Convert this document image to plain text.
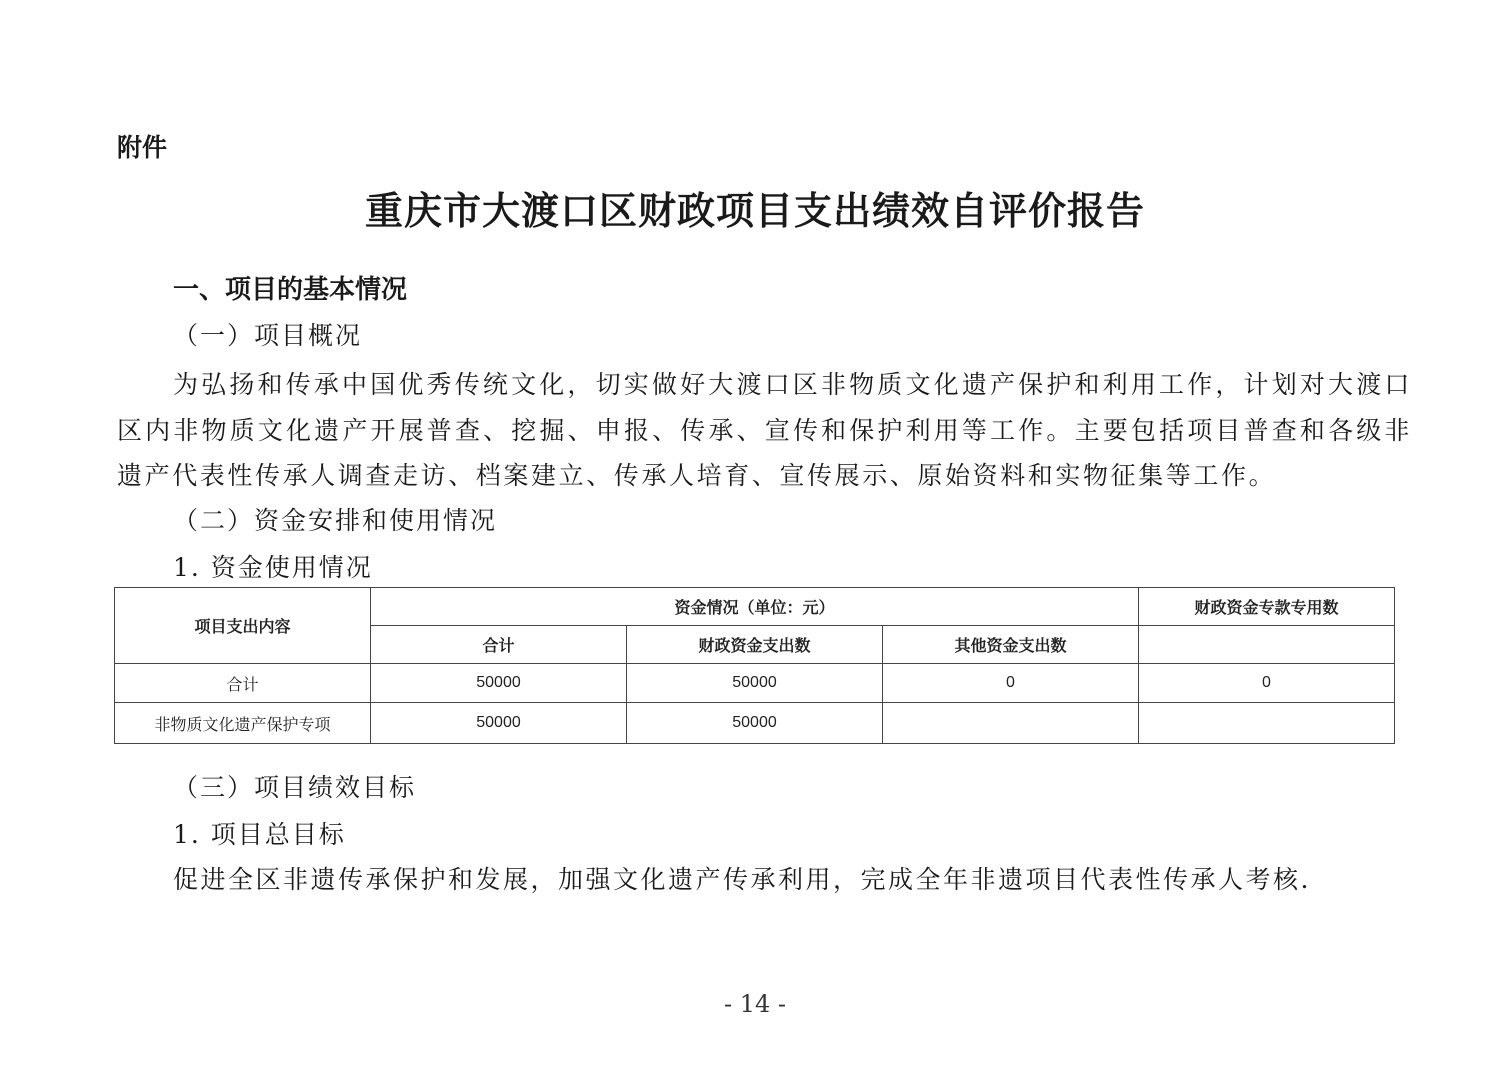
附件
重庆市大渡口区财政项目支出绩效自评价报告
一、项目的基本情况
（一）项目概况
为弘扬和传承中国优秀传统文化，切实做好大渡口区非物质文化遗产保护和利用工作，计划对大渡口区内非物质文化遗产开展普查、挖掘、申报、传承、宣传和保护利用等工作。主要包括项目普查和各级非遗产代表性传承人调查走访、档案建立、传承人培育、宣传展示、原始资料和实物征集等工作。
（二）资金安排和使用情况
1. 资金使用情况
项目支出内容	资金情况（单位：元）			财政资金专款专用数
	合计	财政资金支出数	其他资金支出数	
合计	50000	50000	0	0
非物质文化遗产保护专项	50000	50000		
（三）项目绩效目标
1. 项目总目标
促进全区非遗传承保护和发展，加强文化遗产传承利用，完成全年非遗项目代表性传承人考核.
- 14 -
